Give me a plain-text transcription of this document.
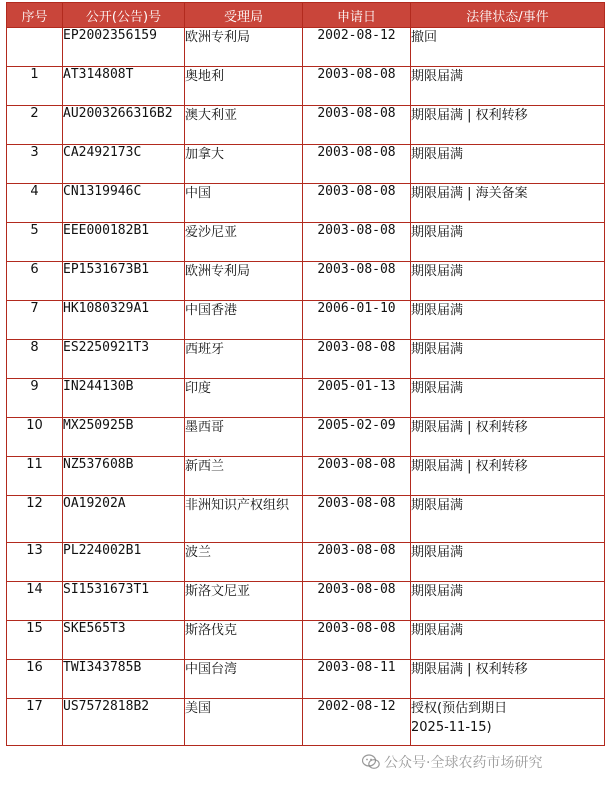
序号	公开(公告)号	受理局	申请日	法律状态/事件
	EP2002356159	欧洲专利局	2002-08-12	撤回
1	AT314808T	奥地利	2003-08-08	期限届满
2	AU2003266316B2	澳大利亚	2003-08-08	期限届满 | 权利转移
3	CA2492173C	加拿大	2003-08-08	期限届满
4	CN1319946C	中国	2003-08-08	期限届满 | 海关备案
5	EEE000182B1	爱沙尼亚	2003-08-08	期限届满
6	EP1531673B1	欧洲专利局	2003-08-08	期限届满
7	HK1080329A1	中国香港	2006-01-10	期限届满
8	ES2250921T3	西班牙	2003-08-08	期限届满
9	IN244130B	印度	2005-01-13	期限届满
10	MX250925B	墨西哥	2005-02-09	期限届满 | 权利转移
11	NZ537608B	新西兰	2003-08-08	期限届满 | 权利转移
12	OA19202A	非洲知识产权组织	2003-08-08	期限届满
13	PL224002B1	波兰	2003-08-08	期限届满
14	SI1531673T1	斯洛文尼亚	2003-08-08	期限届满
15	SKE565T3	斯洛伐克	2003-08-08	期限届满
16	TWI343785B	中国台湾	2003-08-11	期限届满 | 权利转移
17	US7572818B2	美国	2002-08-12	授权(预估到期日
2025-11-15)
公众号·全球农药市场研究
